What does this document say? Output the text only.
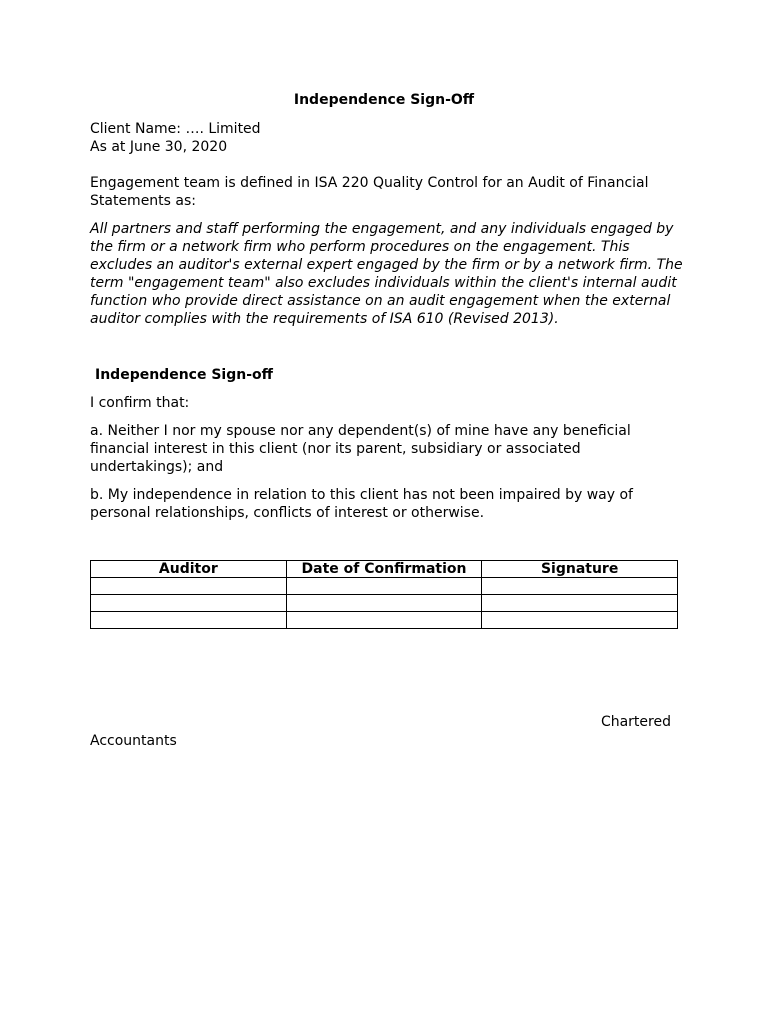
Independence Sign-Off

Client Name: …. Limited

As at June 30, 2020

Engagement team is defined in ISA 220 Quality Control for an Audit of Financial Statements as:

All partners and staff performing the engagement, and any individuals engaged by the firm or a network firm who perform procedures on the engagement. This excludes an auditor's external expert engaged by the firm or by a network firm. The term "engagement team" also excludes individuals within the client's internal audit function who provide direct assistance on an audit engagement when the external auditor complies with the requirements of ISA 610 (Revised 2013).

Independence Sign-off

I confirm that:

a. Neither I nor my spouse nor any dependent(s) of mine have any beneficial financial interest in this client (nor its parent, subsidiary or associated undertakings); and

b. My independence in relation to this client has not been impaired by way of personal relationships, conflicts of interest or otherwise.

Auditor	Date of Confirmation	Signature

Chartered
Accountants
